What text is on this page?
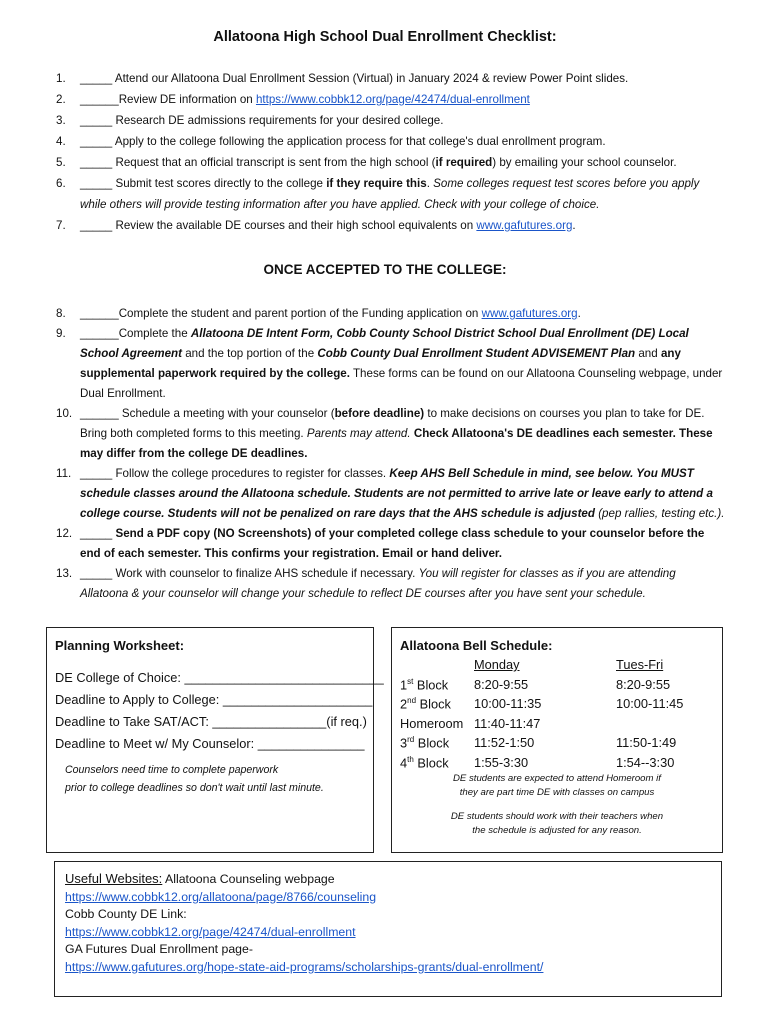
Allatoona High School Dual Enrollment Checklist:
1. _____ Attend our Allatoona Dual Enrollment Session (Virtual) in January 2024 & review Power Point slides.
2. ______Review DE information on https://www.cobbk12.org/page/42474/dual-enrollment
3. _____ Research DE admissions requirements for your desired college.
4. _____ Apply to the college following the application process for that college's dual enrollment program.
5. _____ Request that an official transcript is sent from the high school (if required) by emailing your school counselor.
6. _____ Submit test scores directly to the college if they require this. Some colleges request test scores before you apply while others will provide testing information after you have applied. Check with your college of choice.
7. _____ Review the available DE courses and their high school equivalents on www.gafutures.org.
ONCE ACCEPTED TO THE COLLEGE:
8. ______Complete the student and parent portion of the Funding application on www.gafutures.org.
9. ______Complete the Allatoona DE Intent Form, Cobb County School District School Dual Enrollment (DE) Local School Agreement and the top portion of the Cobb County Dual Enrollment Student ADVISEMENT Plan and any supplemental paperwork required by the college. These forms can be found on our Allatoona Counseling webpage, under Dual Enrollment.
10. ______ Schedule a meeting with your counselor (before deadline) to make decisions on courses you plan to take for DE. Bring both completed forms to this meeting. Parents may attend. Check Allatoona's DE deadlines each semester. These may differ from the college DE deadlines.
11. _____ Follow the college procedures to register for classes. Keep AHS Bell Schedule in mind, see below. You MUST schedule classes around the Allatoona schedule. Students are not permitted to arrive late or leave early to attend a college course. Students will not be penalized on rare days that the AHS schedule is adjusted (pep rallies, testing etc.).
12. _____ Send a PDF copy (NO Screenshots) of your completed college class schedule to your counselor before the end of each semester. This confirms your registration. Email or hand deliver.
13. _____ Work with counselor to finalize AHS schedule if necessary. You will register for classes as if you are attending Allatoona & your counselor will change your schedule to reflect DE courses after you have sent your schedule.
Planning Worksheet:
DE College of Choice: ____________________________
Deadline to Apply to College: _____________________
Deadline to Take SAT/ACT: ________________(if req.)
Deadline to Meet w/ My Counselor: _______________
Counselors need time to complete paperwork
prior to college deadlines so don't wait until last minute.
Allatoona Bell Schedule:
	Monday	Tues-Fri
1st Block	8:20-9:55	8:20-9:55
2nd Block	10:00-11:35	10:00-11:45
Homeroom	11:40-11:47	
3rd Block	11:52-1:50	11:50-1:49
4th Block	1:55-3:30	1:54--3:30
DE students are expected to attend Homeroom if
they are part time DE with classes on campus
DE students should work with their teachers when
the schedule is adjusted for any reason.
Useful Websites: Allatoona Counseling webpage
https://www.cobbk12.org/allatoona/page/8766/counseling
Cobb County DE Link:
https://www.cobbk12.org/page/42474/dual-enrollment
GA Futures Dual Enrollment page-
https://www.gafutures.org/hope-state-aid-programs/scholarships-grants/dual-enrollment/
